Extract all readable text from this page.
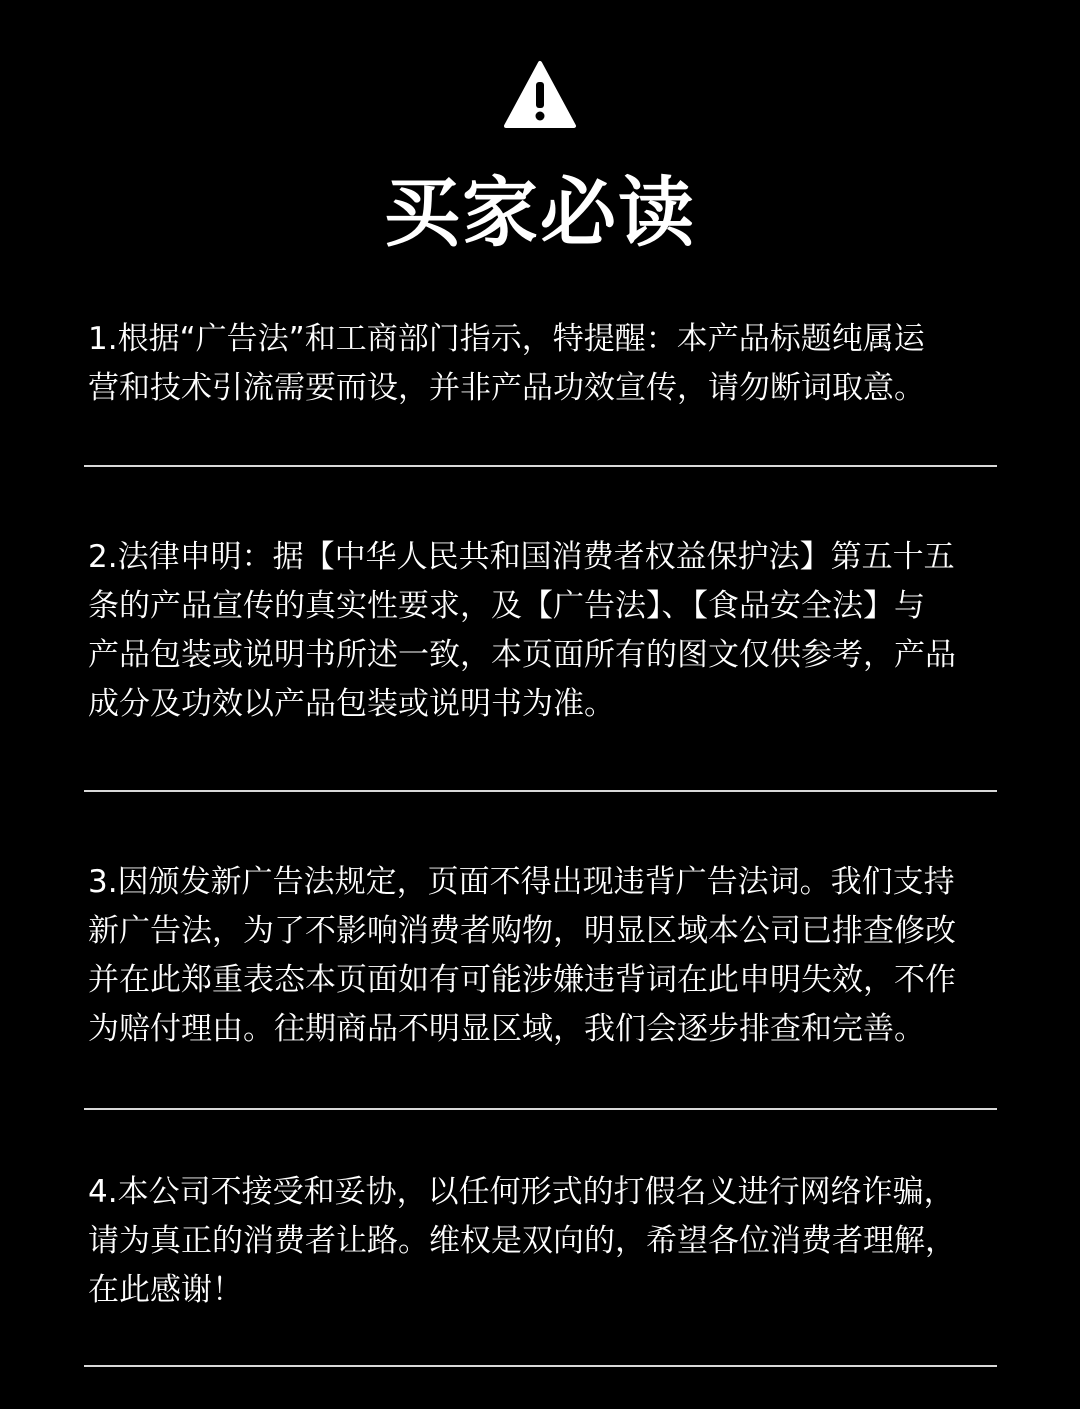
买家必读
1.根据“广告法”和工商部门指示，特提醒：本产品标题纯属运
营和技术引流需要而设，并非产品功效宣传，请勿断词取意。
2.法律申明：据【中华人民共和国消费者权益保护法】第五十五
条的产品宣传的真实性要求，及【广告法】、【食品安全法】与
产品包装或说明书所述一致，本页面所有的图文仅供参考，产品
成分及功效以产品包装或说明书为准。
3.因颁发新广告法规定，页面不得出现违背广告法词。我们支持
新广告法，为了不影响消费者购物，明显区域本公司已排查修改
并在此郑重表态本页面如有可能涉嫌违背词在此申明失效，不作
为赔付理由。往期商品不明显区域，我们会逐步排查和完善。
4.本公司不接受和妥协，以任何形式的打假名义进行网络诈骗，
请为真正的消费者让路。维权是双向的，希望各位消费者理解，
在此感谢！
